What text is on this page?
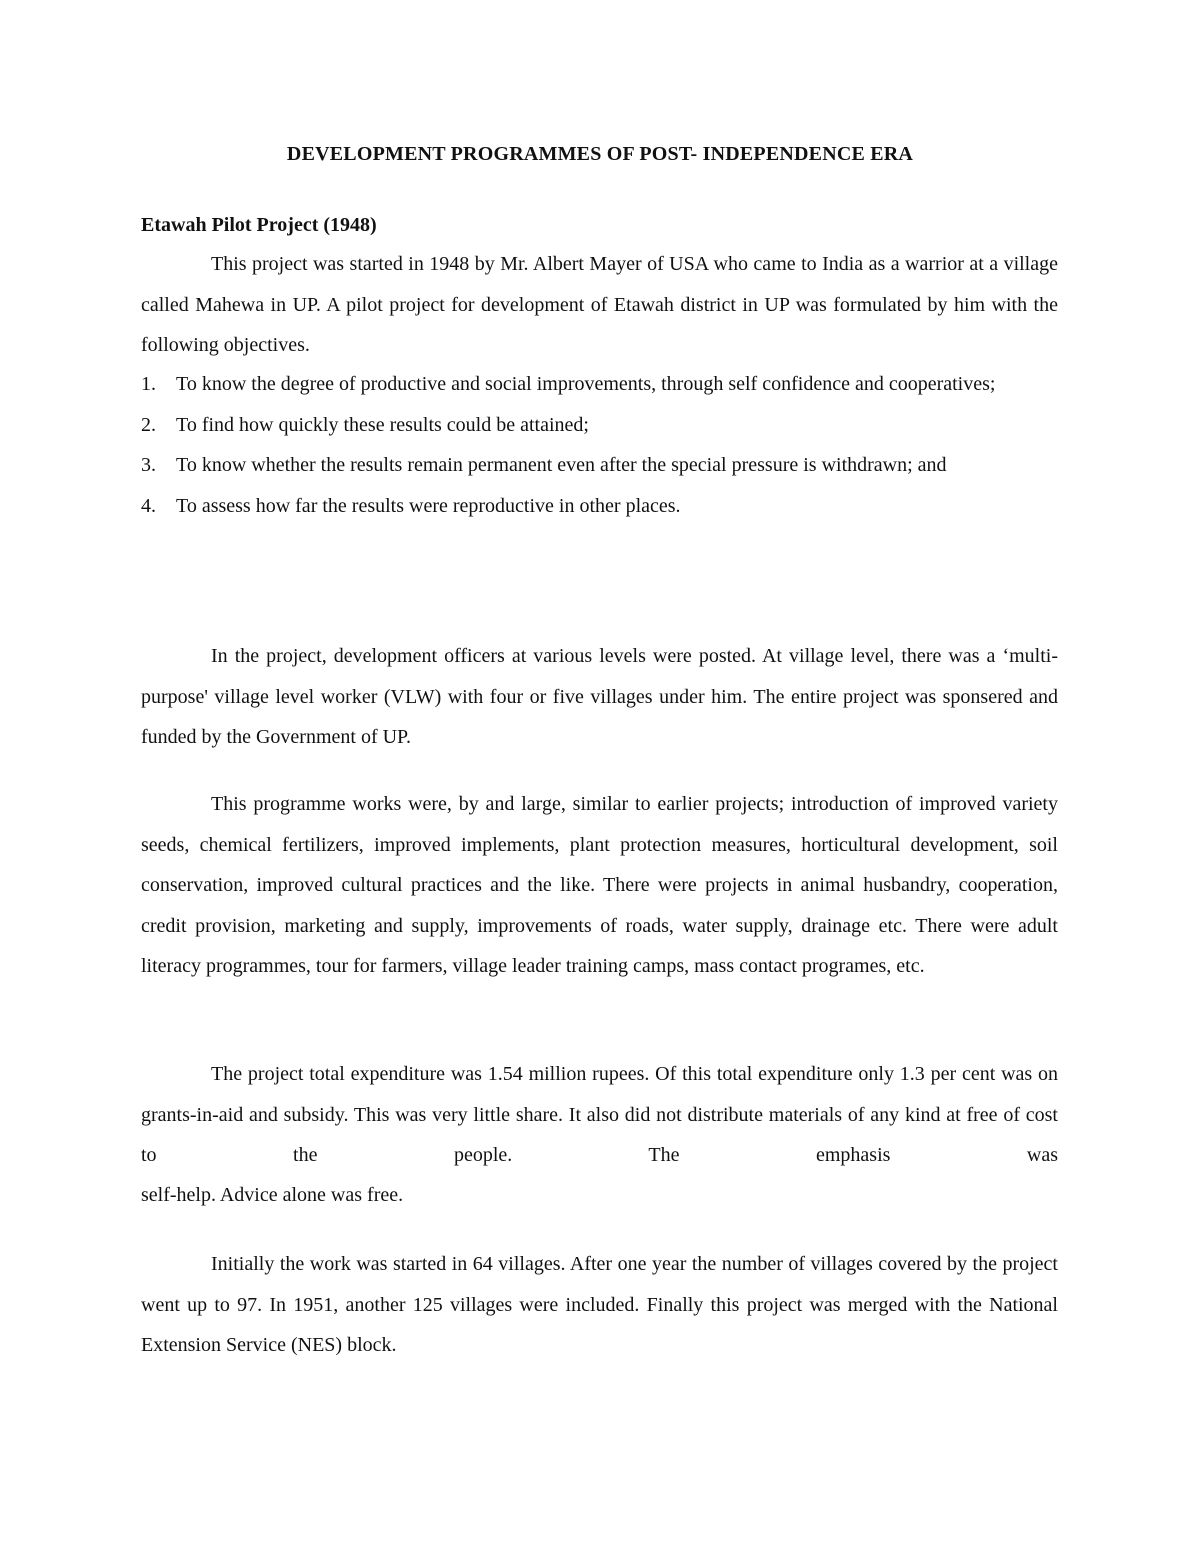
DEVELOPMENT PROGRAMMES OF POST- INDEPENDENCE ERA
Etawah Pilot Project (1948)

This project was started in 1948 by Mr. Albert Mayer of USA who came to India as a warrior at a village called Mahewa in UP. A pilot project for development of Etawah district in UP was formulated by him with the following objectives.

1. To know the degree of productive and social improvements, through self confidence and cooperatives;
2. To find how quickly these results could be attained;
3. To know whether the results remain permanent even after the special pressure is withdrawn; and
4. To assess how far the results were reproductive in other places.

In the project, development officers at various levels were posted. At village level, there was a ‘multi-purpose' village level worker (VLW) with four or five villages under him. The entire project was sponsered and funded by the Government of UP.

This programme works were, by and large, similar to earlier projects; introduction of improved variety seeds, chemical fertilizers, improved implements, plant protection measures, horticultural development, soil conservation, improved cultural practices and the like. There were projects in animal husbandry, cooperation, credit provision, marketing and supply, improvements of roads, water supply, drainage etc. There were adult literacy programmes, tour for farmers, village leader training camps, mass contact programes, etc.

The project total expenditure was 1.54 million rupees. Of this total expenditure only 1.3 per cent was on grants-in-aid and subsidy. This was very little share. It also did not distribute materials of any kind at free of cost to the people. The emphasis was

self-help. Advice alone was free.

Initially the work was started in 64 villages. After one year the number of villages covered by the project went up to 97. In 1951, another 125 villages were included. Finally this project was merged with the National Extension Service (NES) block.
